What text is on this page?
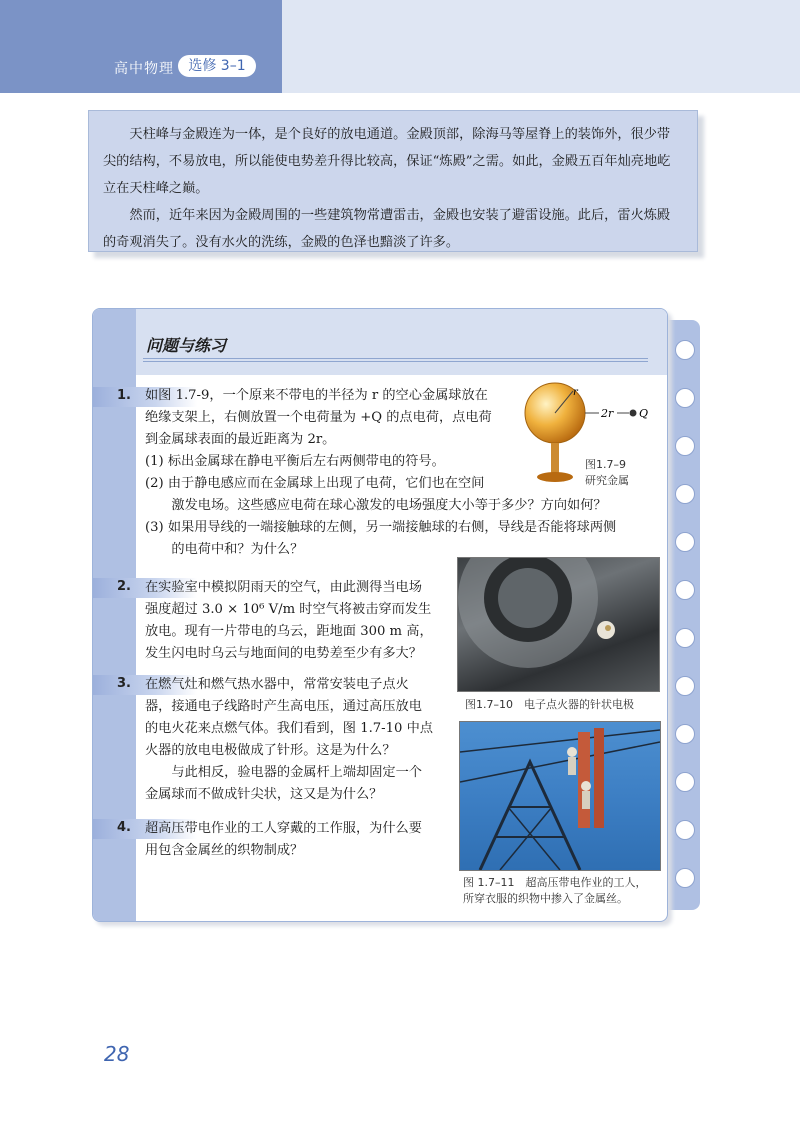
高中物理	选修 3–1

天柱峰与金殿连为一体，是个良好的放电通道。金殿顶部，除海马等屋脊上的装饰外，很少带尖的结构，不易放电，所以能使电势差升得比较高，保证“炼殿”之需。如此，金殿五百年灿亮地屹立在天柱峰之巅。

然而，近年来因为金殿周围的一些建筑物常遭雷击，金殿也安装了避雷设施。此后，雷火炼殿的奇观消失了。没有水火的洗练，金殿的色泽也黯淡了许多。

问题与练习
1. 如图 1.7-9，一个原来不带电的半径为 r 的空心金属球放在

绝缘支架上，右侧放置一个电荷量为 +Q 的点电荷，点电荷

到金属球表面的最近距离为 2r。

(1) 标出金属球在静电平衡后左右两侧带电的符号。

(2) 由于静电感应而在金属球上出现了电荷，它们也在空间

激发电场。这些感应电荷在球心激发的电场强度大小等于多少？方向如何？

(3) 如果用导线的一端接触球的左侧，另一端接触球的右侧，导线是否能将球两侧

的电荷中和？为什么？

r
2r Q
图1.7–9
研究金属
2. 在实验室中模拟阴雨天的空气，由此测得当电场

强度超过 3.0 × 10⁶ V/m 时空气将被击穿而发生

放电。现有一片带电的乌云，距地面 300 m 高，

发生闪电时乌云与地面间的电势差至少有多大？

3. 在燃气灶和燃气热水器中，常常安装电子点火

器，接通电子线路时产生高电压，通过高压放电

的电火花来点燃气体。我们看到，图 1.7-10 中点

火器的放电电极做成了针形。这是为什么？

与此相反，验电器的金属杆上端却固定一个

金属球而不做成针尖状，这又是为什么？

4. 超高压带电作业的工人穿戴的工作服，为什么要

用包含金属丝的织物制成？

图1.7–10　电子点火器的针状电极
图 1.7–11　超高压带电作业的工人，
所穿衣服的织物中掺入了金属丝。
28
